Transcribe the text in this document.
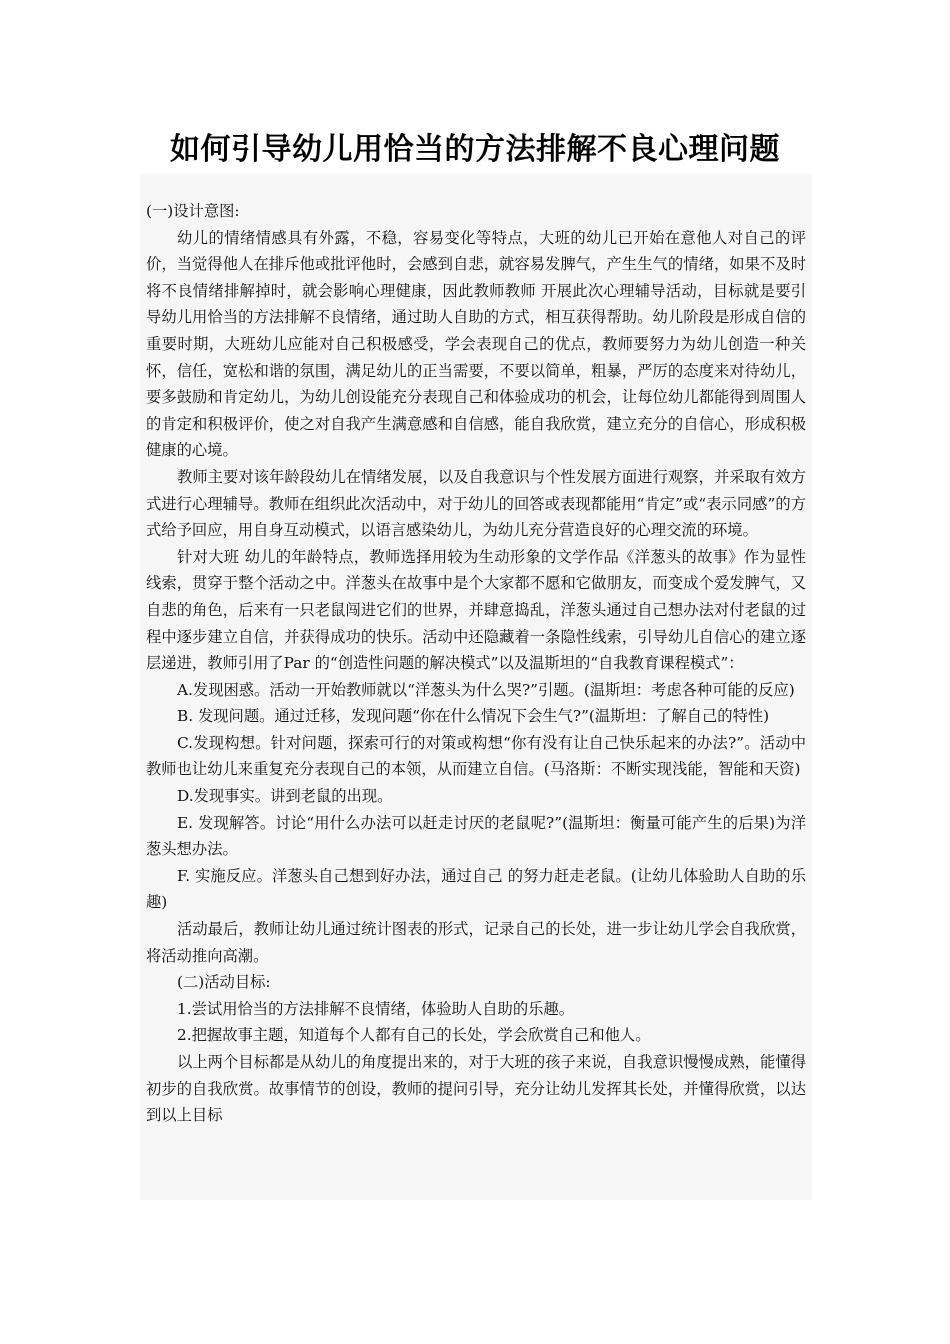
如何引导幼儿用恰当的方法排解不良心理问题

(一)设计意图:

幼儿的情绪情感具有外露，不稳，容易变化等特点，大班的幼儿已开始在意他人对自己的评价，当觉得他人在排斥他或批评他时，会感到自悲，就容易发脾气，产生生气的情绪，如果不及时将不良情绪排解掉时，就会影响心理健康，因此教师教师 开展此次心理辅导活动，目标就是要引导幼儿用恰当的方法排解不良情绪，通过助人自助的方式，相互获得帮助。幼儿阶段是形成自信的重要时期，大班幼儿应能对自己积极感受，学会表现自己的优点，教师要努力为幼儿创造一种关怀，信任，宽松和谐的氛围，满足幼儿的正当需要，不要以简单，粗暴，严厉的态度来对待幼儿，要多鼓励和肯定幼儿，为幼儿创设能充分表现自己和体验成功的机会，让每位幼儿都能得到周围人的肯定和积极评价，使之对自我产生满意感和自信感，能自我欣赏，建立充分的自信心，形成积极健康的心境。

教师主要对该年龄段幼儿在情绪发展，以及自我意识与个性发展方面进行观察，并采取有效方式进行心理辅导。教师在组织此次活动中，对于幼儿的回答或表现都能用“肯定”或“表示同感”的方式给予回应，用自身互动模式，以语言感染幼儿，为幼儿充分营造良好的心理交流的环境。

针对大班 幼儿的年龄特点，教师选择用较为生动形象的文学作品《洋葱头的故事》作为显性线索，贯穿于整个活动之中。洋葱头在故事中是个大家都不愿和它做朋友，而变成个爱发脾气，又自悲的角色，后来有一只老鼠闯进它们的世界，并肆意捣乱，洋葱头通过自己想办法对付老鼠的过程中逐步建立自信，并获得成功的快乐。活动中还隐藏着一条隐性线索，引导幼儿自信心的建立逐层递进，教师引用了Par 的“创造性问题的解决模式”以及温斯坦的“自我教育课程模式”：

A.发现困惑。活动一开始教师就以“洋葱头为什么哭?”引题。(温斯坦：考虑各种可能的反应)

B. 发现问题。通过迁移，发现问题“你在什么情况下会生气?”(温斯坦：了解自己的特性)

C.发现构想。针对问题，探索可行的对策或构想“你有没有让自己快乐起来的办法?”。活动中教师也让幼儿来重复充分表现自己的本领，从而建立自信。(马洛斯：不断实现浅能，智能和天资)

D.发现事实。讲到老鼠的出现。

E. 发现解答。讨论“用什么办法可以赶走讨厌的老鼠呢?”(温斯坦：衡量可能产生的后果)为洋葱头想办法。

F. 实施反应。洋葱头自己想到好办法，通过自己 的努力赶走老鼠。(让幼儿体验助人自助的乐趣)

活动最后，教师让幼儿通过统计图表的形式，记录自己的长处，进一步让幼儿学会自我欣赏，将活动推向高潮。

(二)活动目标:

1.尝试用恰当的方法排解不良情绪，体验助人自助的乐趣。

2.把握故事主题，知道每个人都有自己的长处，学会欣赏自己和他人。

以上两个目标都是从幼儿的角度提出来的，对于大班的孩子来说，自我意识慢慢成熟，能懂得初步的自我欣赏。故事情节的创设，教师的提问引导，充分让幼儿发挥其长处，并懂得欣赏，以达到以上目标
